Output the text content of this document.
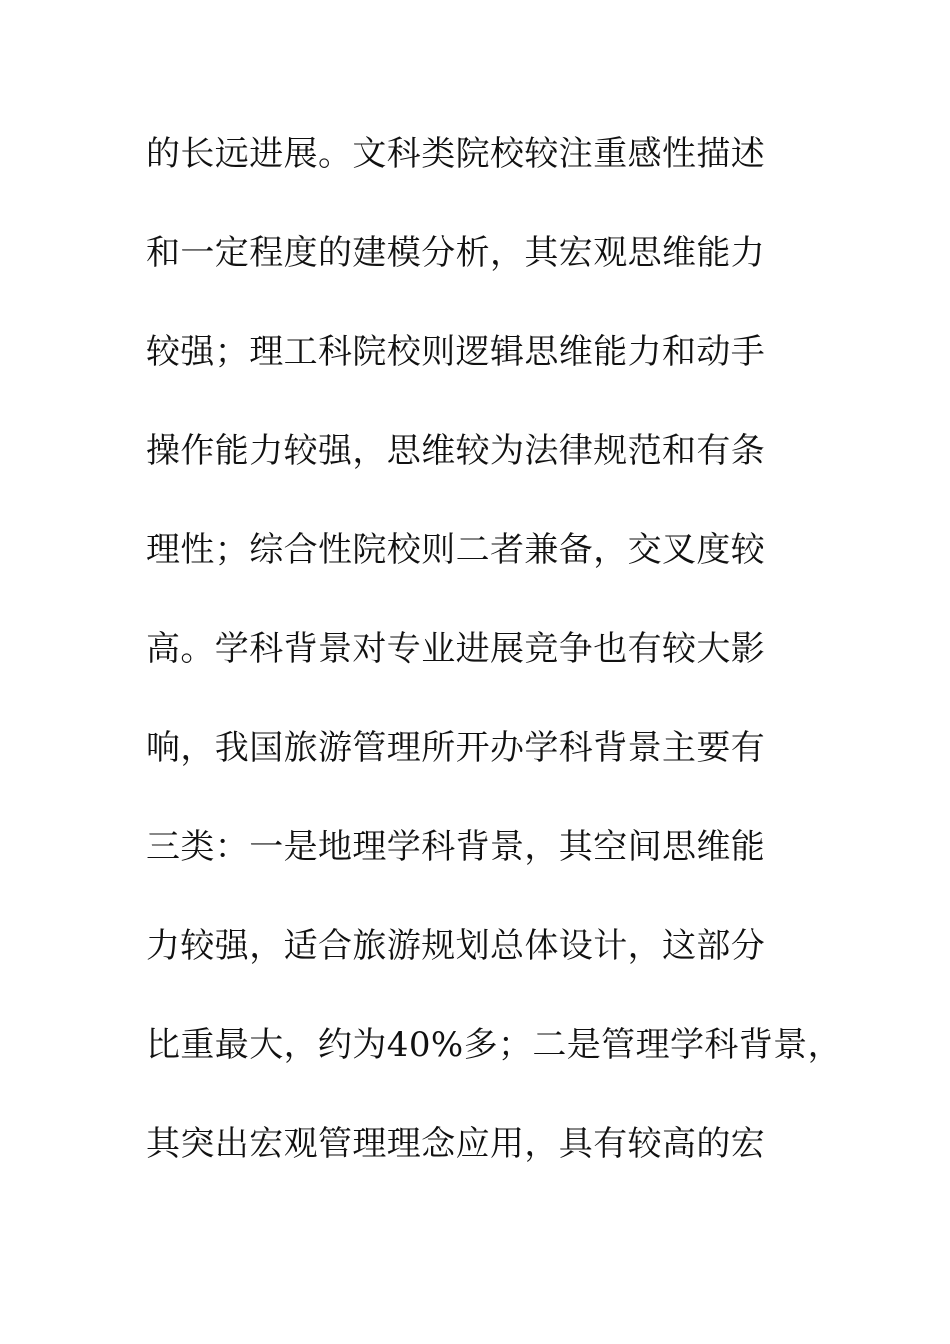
的长远进展。文科类院校较注重感性描述
和一定程度的建模分析，其宏观思维能力
较强；理工科院校则逻辑思维能力和动手
操作能力较强，思维较为法律规范和有条
理性；综合性院校则二者兼备，交叉度较
高。学科背景对专业进展竞争也有较大影
响，我国旅游管理所开办学科背景主要有
三类：一是地理学科背景，其空间思维能
力较强，适合旅游规划总体设计，这部分
比重最大，约为40%多；二是管理学科背景，
其突出宏观管理理念应用，具有较高的宏
